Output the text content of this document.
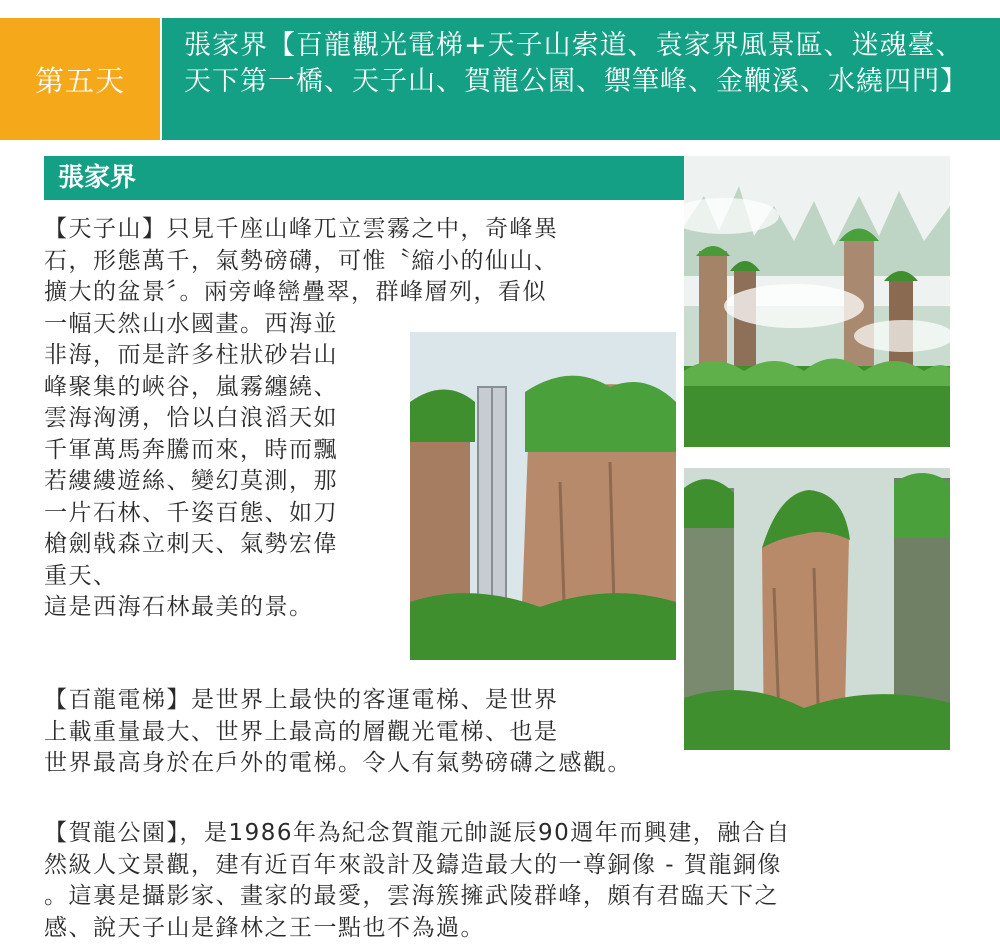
第五天
張家界【百龍觀光電梯+天子山索道、袁家界風景區、迷魂臺、天下第一橋、天子山、賀龍公園、禦筆峰、金鞭溪、水繞四門】
張家界
【天子山】只見千座山峰兀立雲霧之中，奇峰異
石，形態萬千，氣勢磅礴，可惟〝縮小的仙山、
擴大的盆景〞。兩旁峰巒疊翠，群峰層列，看似
一幅天然山水國畫。西海並
非海，而是許多柱狀砂岩山
峰聚集的峽谷，嵐霧纏繞、
雲海洶湧，恰以白浪滔天如
千軍萬馬奔騰而來，時而飄
若縷縷遊絲、變幻莫測，那
一片石林、千姿百態、如刀
槍劍戟森立刺天、氣勢宏偉
重天、
這是西海石林最美的景。
【百龍電梯】是世界上最快的客運電梯、是世界
上載重量最大、世界上最高的層觀光電梯、也是
世界最高身於在戶外的電梯。令人有氣勢磅礴之感觀。
【賀龍公園】，是1986年為紀念賀龍元帥誕辰90週年而興建，融合自
然級人文景觀，建有近百年來設計及鑄造最大的一尊銅像 - 賀龍銅像
。這裏是攝影家、畫家的最愛，雲海簇擁武陵群峰，頗有君臨天下之
感、說天子山是鋒林之王一點也不為過。
